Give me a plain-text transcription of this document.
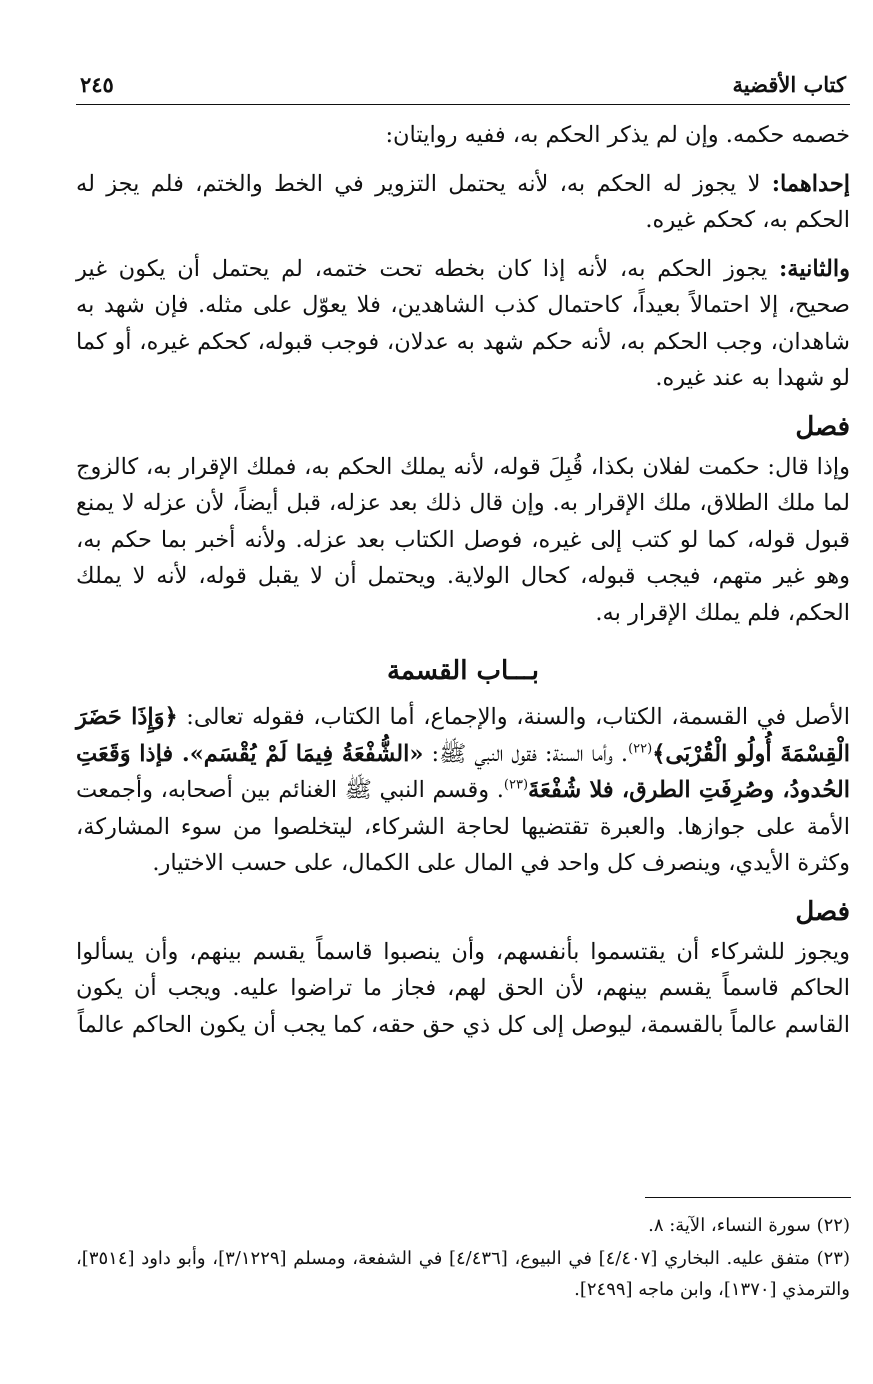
كتاب الأقضية
٢٤٥

خصمه حكمه. وإن لم يذكر الحكم به، ففيه روايتان:

إحداهما: لا يجوز له الحكم به، لأنه يحتمل التزوير في الخط والختم، فلم يجز له الحكم به، كحكم غيره.

والثانية: يجوز الحكم به، لأنه إذا كان بخطه تحت ختمه، لم يحتمل أن يكون غير صحيح، إلا احتمالاً بعيداً، كاحتمال كذب الشاهدين، فلا يعوّل على مثله. فإن شهد به شاهدان، وجب الحكم به، لأنه حكم شهد به عدلان، فوجب قبوله، كحكم غيره، أو كما لو شهدا به عند غيره.

فصل

وإذا قال: حكمت لفلان بكذا، قُبِلَ قوله، لأنه يملك الحكم به، فملك الإقرار به، كالزوج لما ملك الطلاق، ملك الإقرار به. وإن قال ذلك بعد عزله، قبل أيضاً، لأن عزله لا يمنع قبول قوله، كما لو كتب إلى غيره، فوصل الكتاب بعد عزله. ولأنه أخبر بما حكم به، وهو غير متهم، فيجب قبوله، كحال الولاية. ويحتمل أن لا يقبل قوله، لأنه لا يملك الحكم، فلم يملك الإقرار به.

بـــاب القسمة

الأصل في القسمة، الكتاب، والسنة، والإجماع، أما الكتاب، فقوله تعالى: ﴿وَإِذَا حَضَرَ الْقِسْمَةَ أُولُو الْقُرْبَى﴾$^{(٢٢)}$. وأما السنة: فقول النبي ﷺ: «الشُّفْعَةُ فِيمَا لَمْ يُقْسَم». فإذا وَقَعَتِ الحُدودُ، وصُرِفَتِ الطرق، فلا شُفْعَةَ$^{(٢٣)}$. وقسم النبي ﷺ الغنائم بين أصحابه، وأجمعت الأمة على جوازها. والعبرة تقتضيها لحاجة الشركاء، ليتخلصوا من سوء المشاركة، وكثرة الأيدي، وينصرف كل واحد في المال على الكمال، على حسب الاختيار.

فصل

ويجوز للشركاء أن يقتسموا بأنفسهم، وأن ينصبوا قاسماً يقسم بينهم، وأن يسألوا الحاكم قاسماً يقسم بينهم، لأن الحق لهم، فجاز ما تراضوا عليه. ويجب أن يكون القاسم عالماً بالقسمة، ليوصل إلى كل ذي حق حقه، كما يجب أن يكون الحاكم عالماً

(٢٢) سورة النساء، الآية: ٨.

(٢٣) متفق عليه. البخاري [٤/٤٠٧] في البيوع، [٤/٤٣٦] في الشفعة، ومسلم [٣/١٢٢٩]، وأبو داود [٣٥١٤]، والترمذي [١٣٧٠]، وابن ماجه [٢٤٩٩].
